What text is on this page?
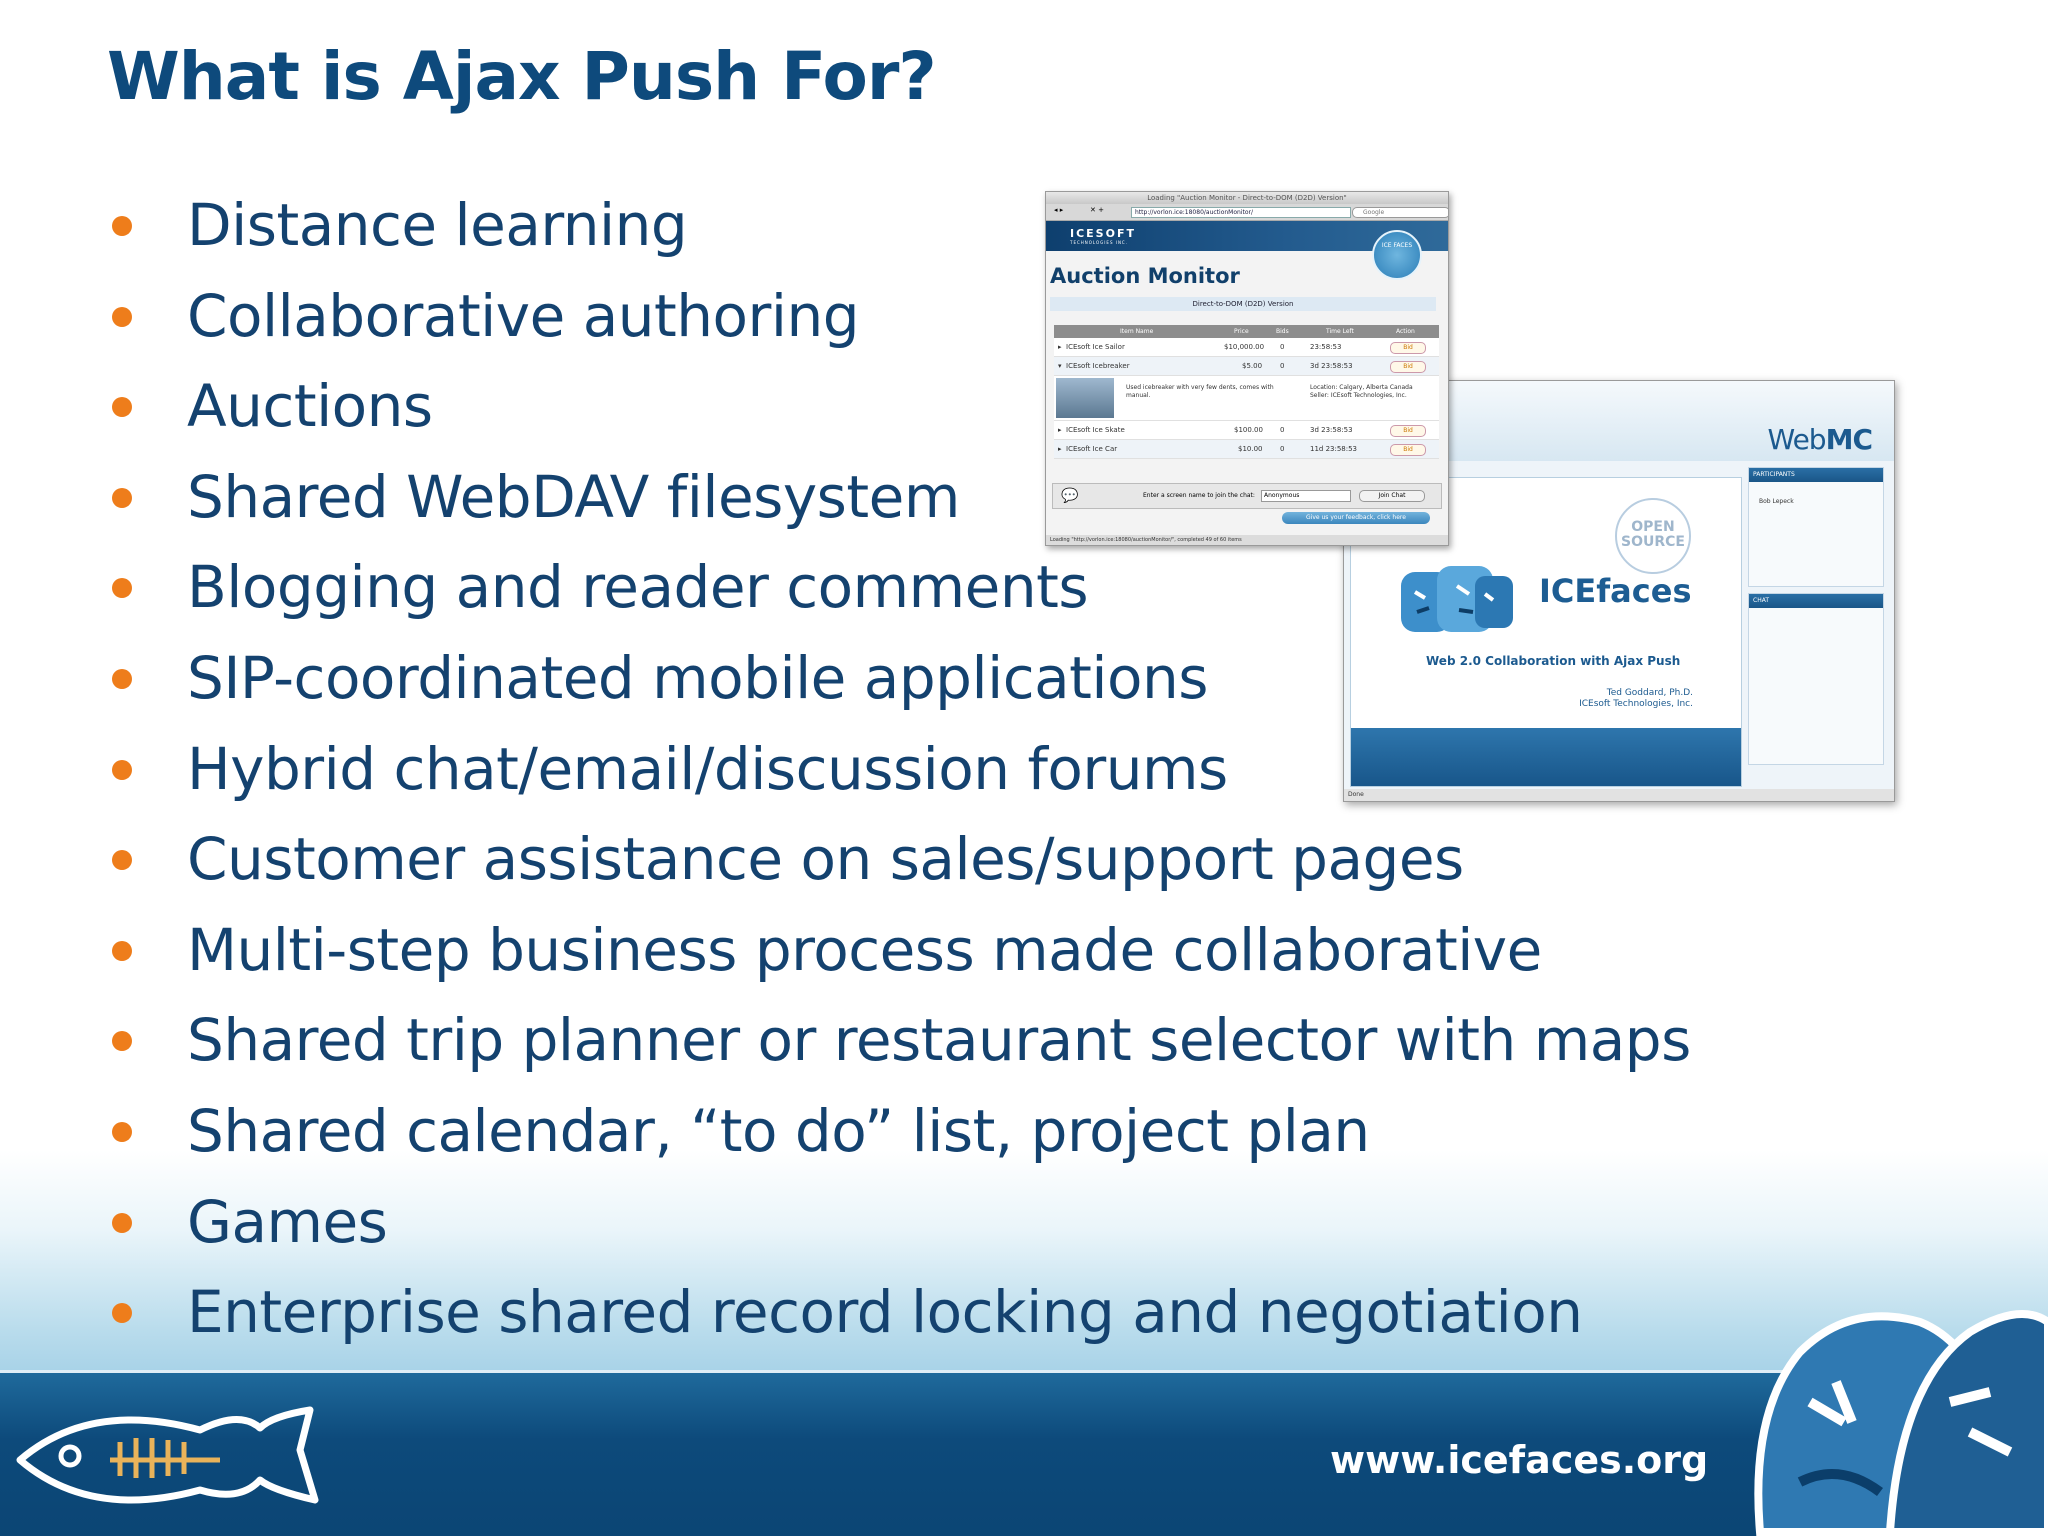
What is Ajax Push For?
Distance learning
Collaborative authoring
Auctions
Shared WebDAV filesystem
Blogging and reader comments
SIP-coordinated mobile applications
Hybrid chat/email/discussion forums
Customer assistance on sales/support pages
Multi-step business process made collaborative
Shared trip planner or restaurant selector with maps
Shared calendar, “to do” list, project plan
Games
Enterprise shared record locking and negotiation
WebMC
OPEN SOURCE
ICEfaces
Web 2.0 Collaboration with Ajax Push
Ted Goddard, Ph.D.
ICEsoft Technologies, Inc.
PARTICIPANTS
Bob Lepeck
CHAT
Done
Loading "Auction Monitor - Direct-to-DOM (D2D) Version"
◂ ▸	✕ +	http://vorlon.ice:18080/auctionMonitor/	Google
ICESOFT
TECHNOLOGIES INC.	ICE FACES
Auction Monitor
Direct-to-DOM (D2D) Version
Item Name	Price	Bids	Time Left	Action
▸ ICEsoft Ice Sailor	$10,000.00 0	23:58:53	Bid
▾ ICEsoft Icebreaker	$5.00	0	3d 23:58:53	Bid
Used icebreaker with very few dents, comes with manual.
Location: Calgary, Alberta Canada
Seller: ICEsoft Technologies, Inc.
▸ ICEsoft Ice Skate	$100.00 0	3d 23:58:53	Bid
▸ ICEsoft Ice Car	$10.00	0	11d 23:58:53	Bid
💬	Enter a screen name to join the chat:	Anonymous	Join Chat
Give us your feedback, click here
Loading "http://vorlon.ice:18080/auctionMonitor/", completed 49 of 60 items
www.icefaces.org
